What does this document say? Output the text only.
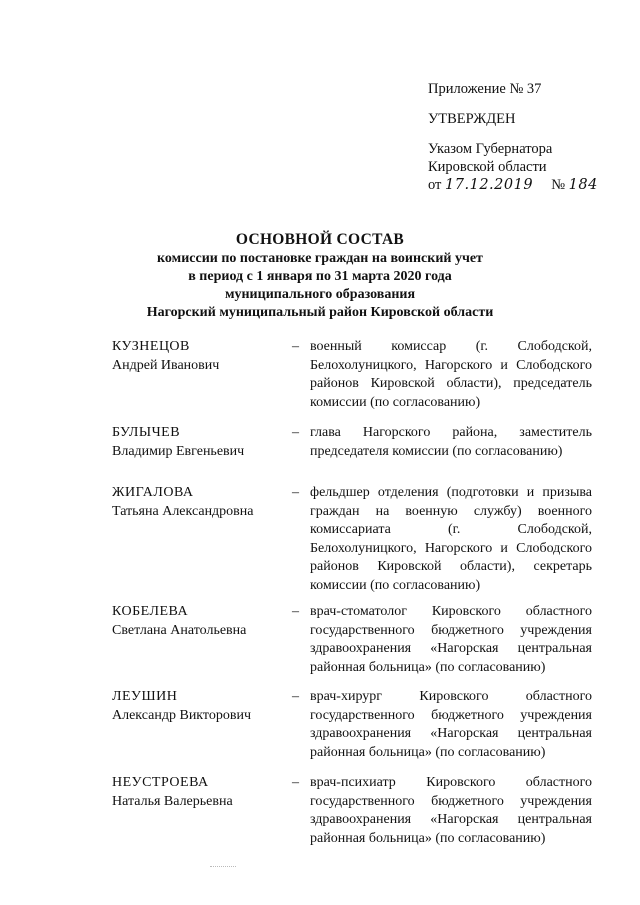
Приложение № 37
УТВЕРЖДЕН
Указом Губернатора
Кировской области
от 17.12.2019 № 184
ОСНОВНОЙ СОСТАВ
комиссии по постановке граждан на воинский учет
в период с 1 января по 31 марта 2020 года
муниципального образования
Нагорский муниципальный район Кировской области
КУЗНЕЦОВ
Андрей Иванович
– военный комиссар (г. Слободской, Белохолуницкого, Нагорского и Слободского районов Кировской области), председатель комиссии (по согласованию)
БУЛЫЧЕВ
Владимир Евгеньевич
– глава Нагорского района, заместитель председателя комиссии (по согласованию)
ЖИГАЛОВА
Татьяна Александровна
– фельдшер отделения (подготовки и призыва граждан на военную службу) военного комиссариата (г. Слободской, Белохолуницкого, Нагорского и Слободского районов Кировской области), секретарь комиссии (по согласованию)
КОБЕЛЕВА
Светлана Анатольевна
– врач-стоматолог Кировского областного государственного бюджетного учреждения здравоохранения «Нагорская центральная районная больница» (по согласованию)
ЛЕУШИН
Александр Викторович
– врач-хирург Кировского областного государственного бюджетного учреждения здравоохранения «Нагорская центральная районная больница» (по согласованию)
НЕУСТРОЕВА
Наталья Валерьевна
– врач-психиатр Кировского областного государственного бюджетного учреждения здравоохранения «Нагорская центральная районная больница» (по согласованию)
